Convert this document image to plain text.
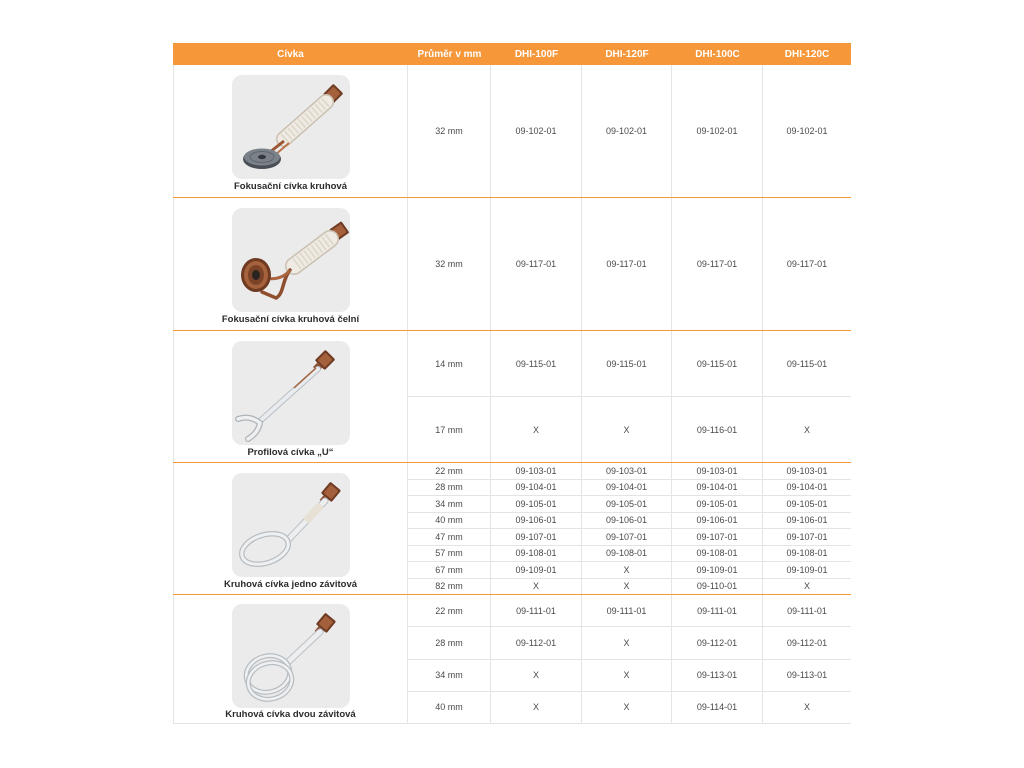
Cívka	Průměr v mm	DHI-100F	DHI-120F	DHI-100C	DHI-120C
Fokusační cívka kruhová
32 mm	09-102-01	09-102-01	09-102-01	09-102-01
Fokusační cívka kruhová čelní
32 mm	09-117-01	09-117-01	09-117-01	09-117-01
Profilová cívka „U“
14 mm	09-115-01	09-115-01	09-115-01	09-115-01
17 mm	X	X	09-116-01	X
Kruhová cívka jedno závitová
22 mm	09-103-01	09-103-01	09-103-01	09-103-01
28 mm	09-104-01	09-104-01	09-104-01	09-104-01
34 mm	09-105-01	09-105-01	09-105-01	09-105-01
40 mm	09-106-01	09-106-01	09-106-01	09-106-01
47 mm	09-107-01	09-107-01	09-107-01	09-107-01
57 mm	09-108-01	09-108-01	09-108-01	09-108-01
67 mm	09-109-01	X	09-109-01	09-109-01
82 mm	X	X	09-110-01	X
Kruhová cívka dvou závitová
22 mm	09-111-01	09-111-01	09-111-01	09-111-01
28 mm	09-112-01	X	09-112-01	09-112-01
34 mm	X	X	09-113-01	09-113-01
40 mm	X	X	09-114-01	X
